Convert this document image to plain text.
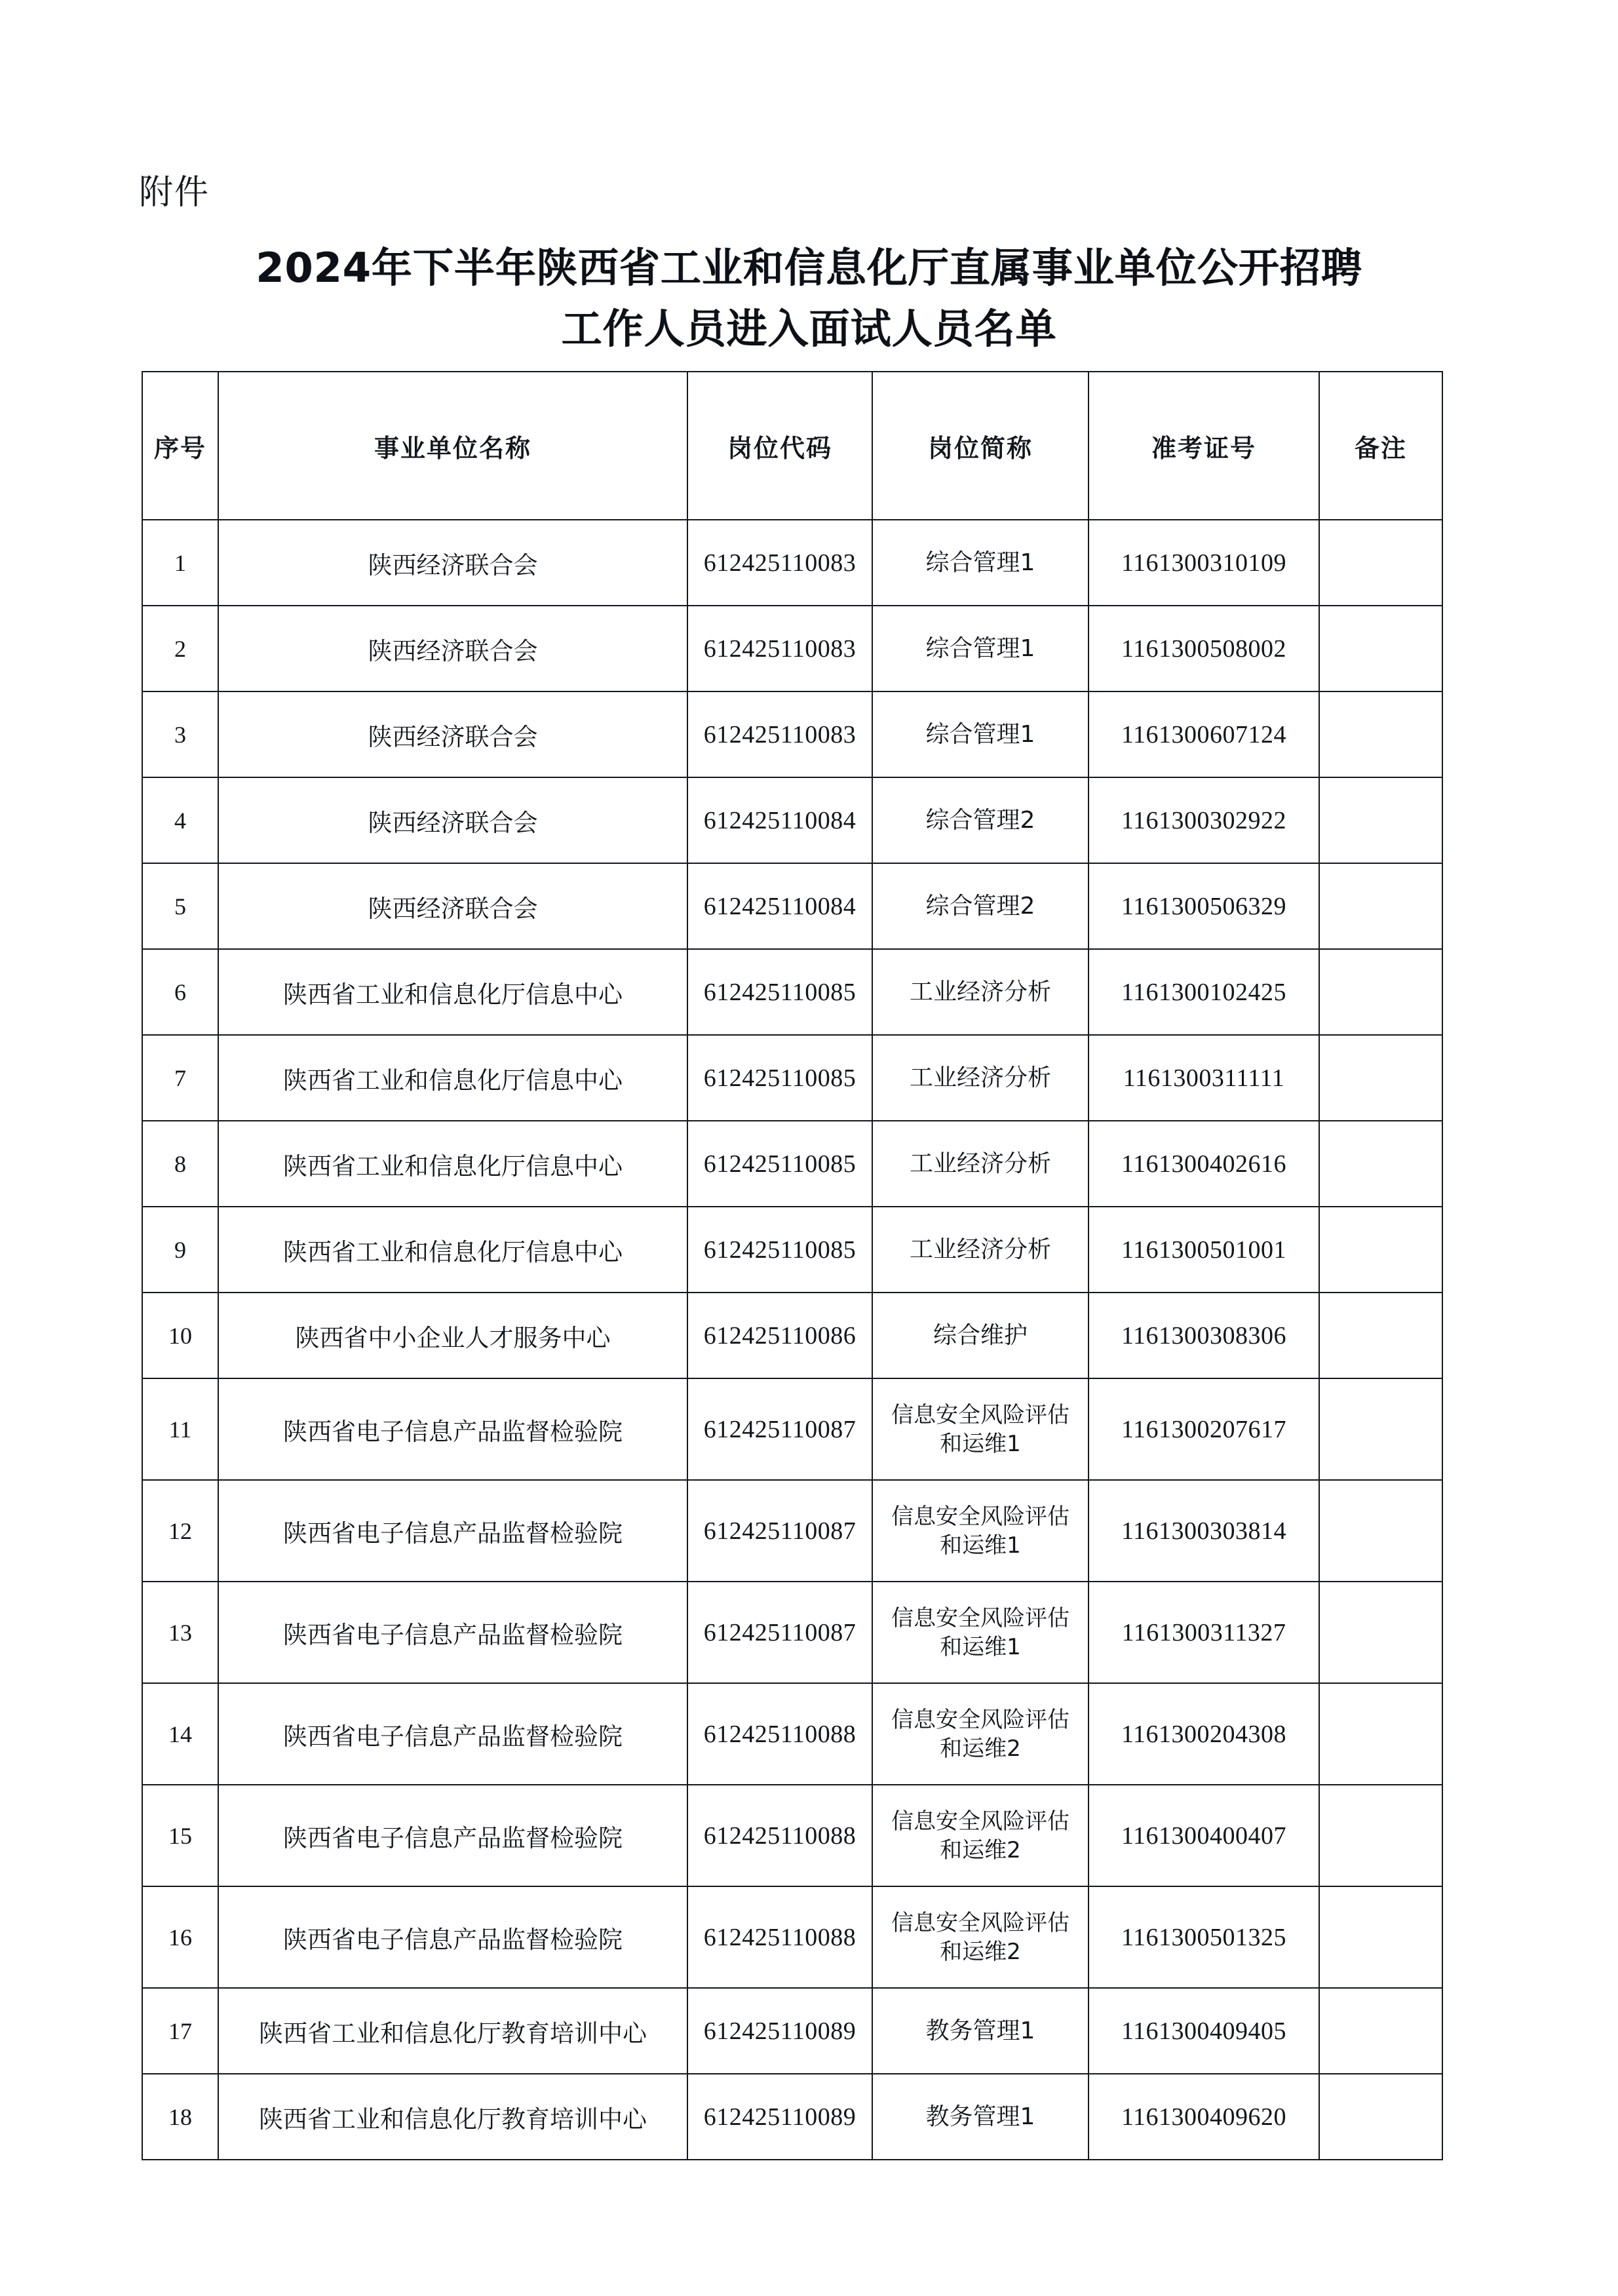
附件
2024年下半年陕西省工业和信息化厅直属事业单位公开招聘
工作人员进入面试人员名单
序号	事业单位名称	岗位代码	岗位简称	准考证号	备注
1	陕西经济联合会	612425110083	综合管理1	1161300310109	
2	陕西经济联合会	612425110083	综合管理1	1161300508002	
3	陕西经济联合会	612425110083	综合管理1	1161300607124	
4	陕西经济联合会	612425110084	综合管理2	1161300302922	
5	陕西经济联合会	612425110084	综合管理2	1161300506329	
6	陕西省工业和信息化厅信息中心	612425110085	工业经济分析	1161300102425	
7	陕西省工业和信息化厅信息中心	612425110085	工业经济分析	1161300311111	
8	陕西省工业和信息化厅信息中心	612425110085	工业经济分析	1161300402616	
9	陕西省工业和信息化厅信息中心	612425110085	工业经济分析	1161300501001	
10	陕西省中小企业人才服务中心	612425110086	综合维护	1161300308306	
11	陕西省电子信息产品监督检验院	612425110087	信息安全风险评估
和运维1	1161300207617	
12	陕西省电子信息产品监督检验院	612425110087	信息安全风险评估
和运维1	1161300303814	
13	陕西省电子信息产品监督检验院	612425110087	信息安全风险评估
和运维1	1161300311327	
14	陕西省电子信息产品监督检验院	612425110088	信息安全风险评估
和运维2	1161300204308	
15	陕西省电子信息产品监督检验院	612425110088	信息安全风险评估
和运维2	1161300400407	
16	陕西省电子信息产品监督检验院	612425110088	信息安全风险评估
和运维2	1161300501325	
17	陕西省工业和信息化厅教育培训中心	612425110089	教务管理1	1161300409405	
18	陕西省工业和信息化厅教育培训中心	612425110089	教务管理1	1161300409620	
